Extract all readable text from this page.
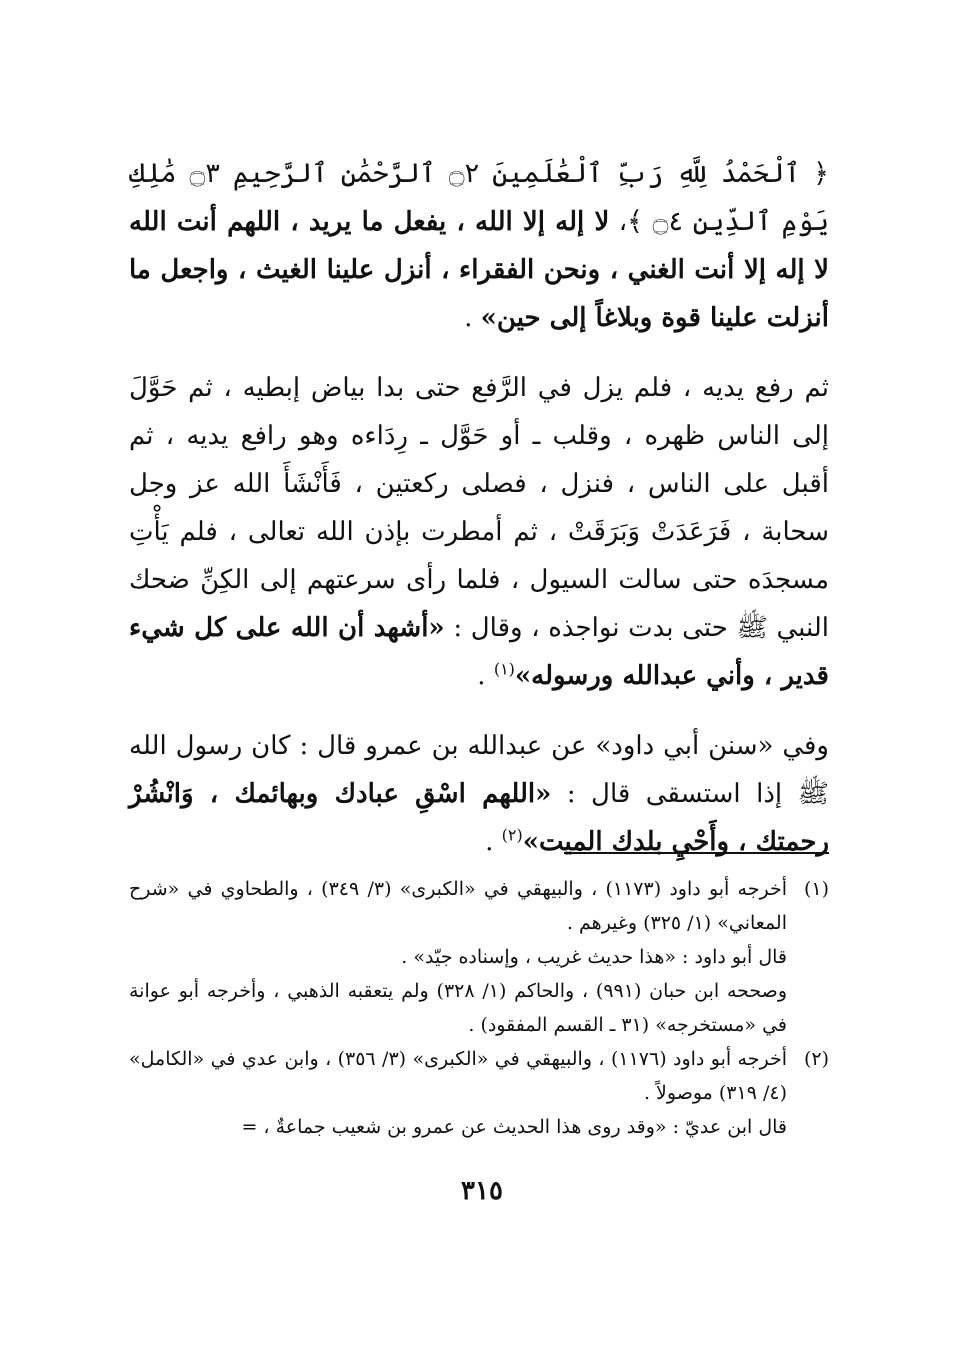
﴿ ٱلْحَمْدُ لِلَّهِ رَبِّ ٱلْعَٰلَمِينَ ۝٢ ٱلرَّحْمَٰنِ ٱلرَّحِيمِ ۝٣ مَٰلِكِ يَوْمِ ٱلدِّينِ ۝٤ ﴾، لا إله إلا الله ، يفعل ما يريد ، اللهم أنت الله لا إله إلا أنت الغني ، ونحن الفقراء ، أنزل علينا الغيث ، واجعل ما أنزلت علينا قوة وبلاغاً إلى حين» .

ثم رفع يديه ، فلم يزل في الرَّفع حتى بدا بياض إبطيه ، ثم حَوَّلَ إلى الناس ظهره ، وقلب ـ أو حَوَّل ـ رِدَاءه وهو رافع يديه ، ثم أقبل على الناس ، فنزل ، فصلى ركعتين ، فَأَنْشَأَ الله عز وجل سحابة ، فَرَعَدَتْ وَبَرَقَتْ ، ثم أمطرت بإذن الله تعالى ، فلم يَأْتِ مسجدَه حتى سالت السيول ، فلما رأى سرعتهم إلى الكِنِّ ضحك النبي ﷺ حتى بدت نواجذه ، وقال : «أشهد أن الله على كل شيء قدير ، وأني عبدالله ورسوله»$^{(١)}$ .

وفي «سنن أبي داود» عن عبدالله بن عمرو قال : كان رسول الله ﷺ إذا استسقى قال : «اللهم اسْقِ عبادك وبهائمك ، وَانْشُرْ رحمتك ، وأَحْيِ بلدك الميت»$^{(٢)}$ .

(١)
أخرجه أبو داود (١١٧٣) ، والبيهقي في «الكبرى» (٣/ ٣٤٩) ، والطحاوي في «شرح المعاني» (١/ ٣٢٥) وغيرهم .
قال أبو داود : «هذا حديث غريب ، وإسناده جيّد» .
وصححه ابن حبان (٩٩١) ، والحاكم (١/ ٣٢٨) ولم يتعقبه الذهبي ، وأخرجه أبو عوانة في «مستخرجه» (٣١ ـ القسم المفقود) .
(٢)
أخرجه أبو داود (١١٧٦) ، والبيهقي في «الكبرى» (٣/ ٣٥٦) ، وابن عدي في «الكامل» (٤/ ٣١٩) موصولاً .
قال ابن عديّ : «وقد روى هذا الحديث عن عمرو بن شعيب جماعةٌ ، =
٣١٥
